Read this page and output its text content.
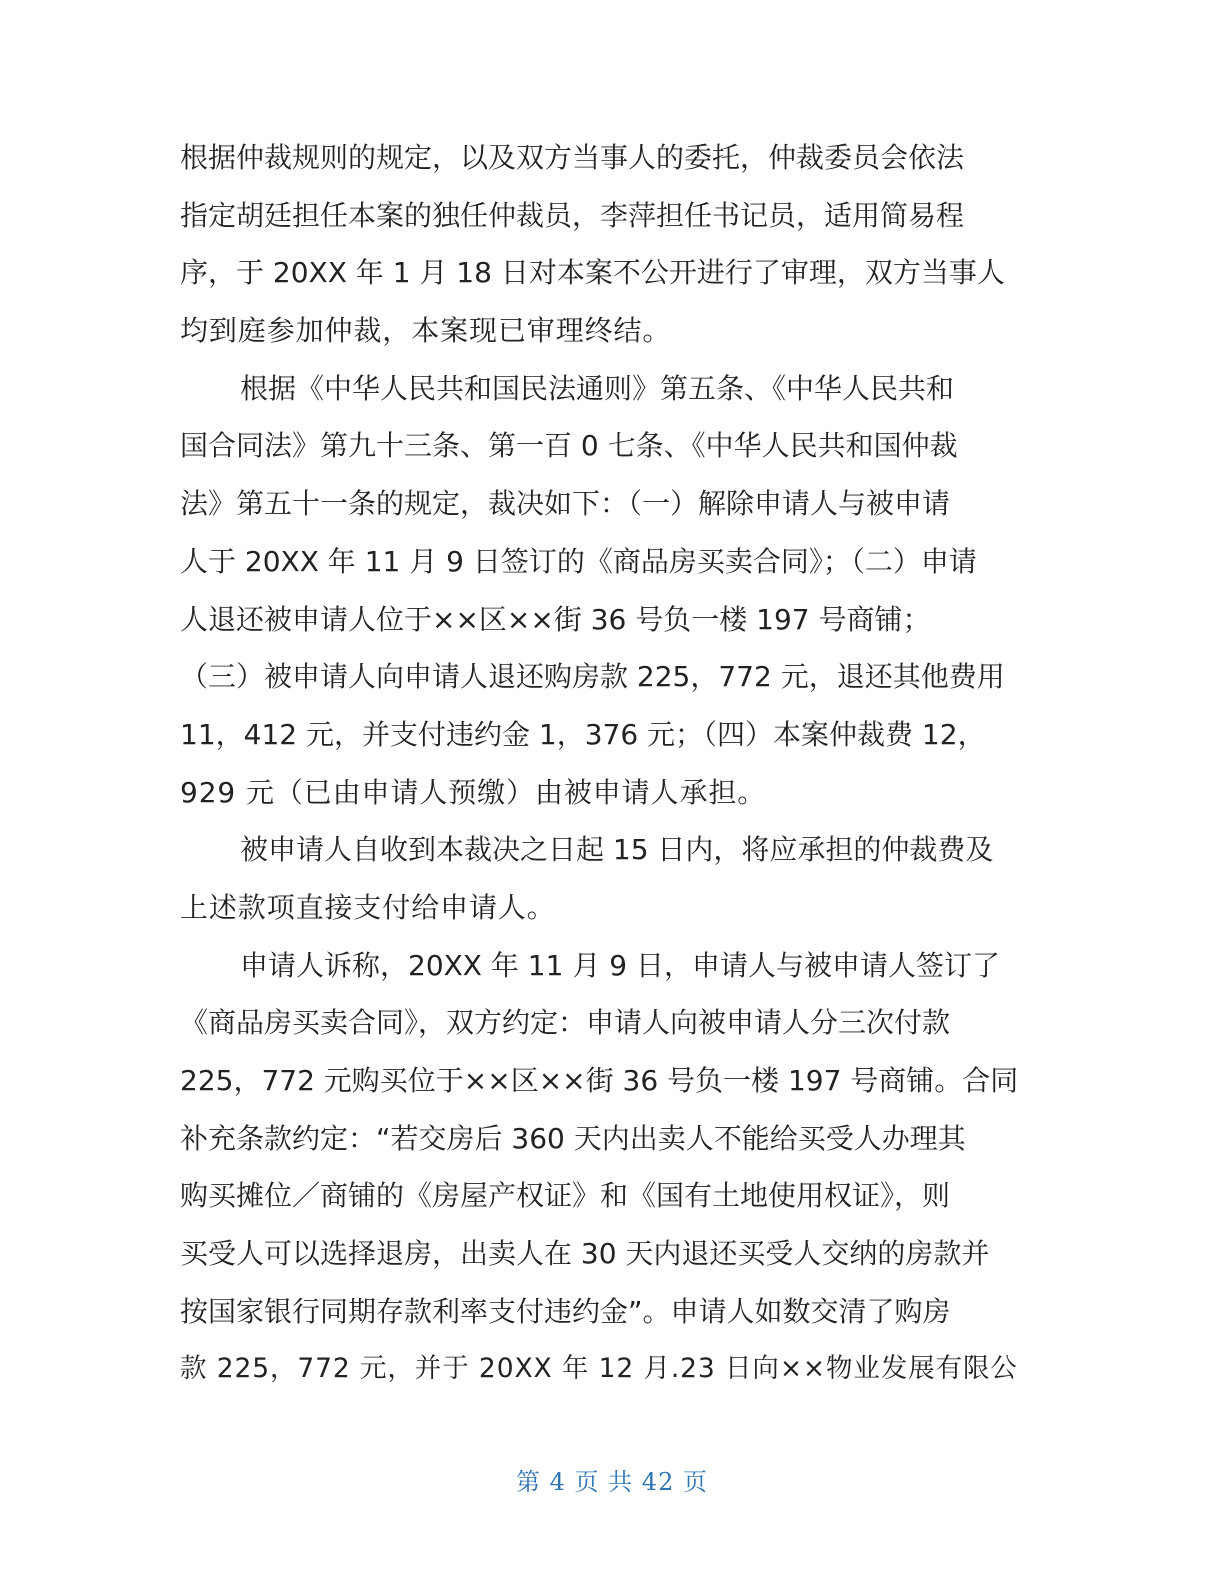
根据仲裁规则的规定，以及双方当事人的委托，仲裁委员会依法
指定胡廷担任本案的独任仲裁员，李萍担任书记员，适用简易程
序，于 20XX 年 1 月 18 日对本案不公开进行了审理，双方当事人
均到庭参加仲裁，本案现已审理终结。
根据《中华人民共和国民法通则》第五条、《中华人民共和
国合同法》第九十三条、第一百 0 七条、《中华人民共和国仲裁
法》第五十一条的规定，裁决如下：（一）解除申请人与被申请
人于 20XX 年 11 月 9 日签订的《商品房买卖合同》；（二）申请
人退还被申请人位于××区××街 36 号负一楼 197 号商铺；
（三）被申请人向申请人退还购房款 225，772 元，退还其他费用
11，412 元，并支付违约金 1，376 元；（四）本案仲裁费 12，
929 元（已由申请人预缴）由被申请人承担。
被申请人自收到本裁决之日起 15 日内，将应承担的仲裁费及
上述款项直接支付给申请人。
申请人诉称，20XX 年 11 月 9 日，申请人与被申请人签订了
《商品房买卖合同》，双方约定：申请人向被申请人分三次付款
225，772 元购买位于××区××街 36 号负一楼 197 号商铺。合同
补充条款约定：“若交房后 360 天内出卖人不能给买受人办理其
购买摊位／商铺的《房屋产权证》和《国有土地使用权证》，则
买受人可以选择退房，出卖人在 30 天内退还买受人交纳的房款并
按国家银行同期存款利率支付违约金”。申请人如数交清了购房
款 225，772 元，并于 20XX 年 12 月.23 日向××物业发展有限公
第 4 页 共 42 页
